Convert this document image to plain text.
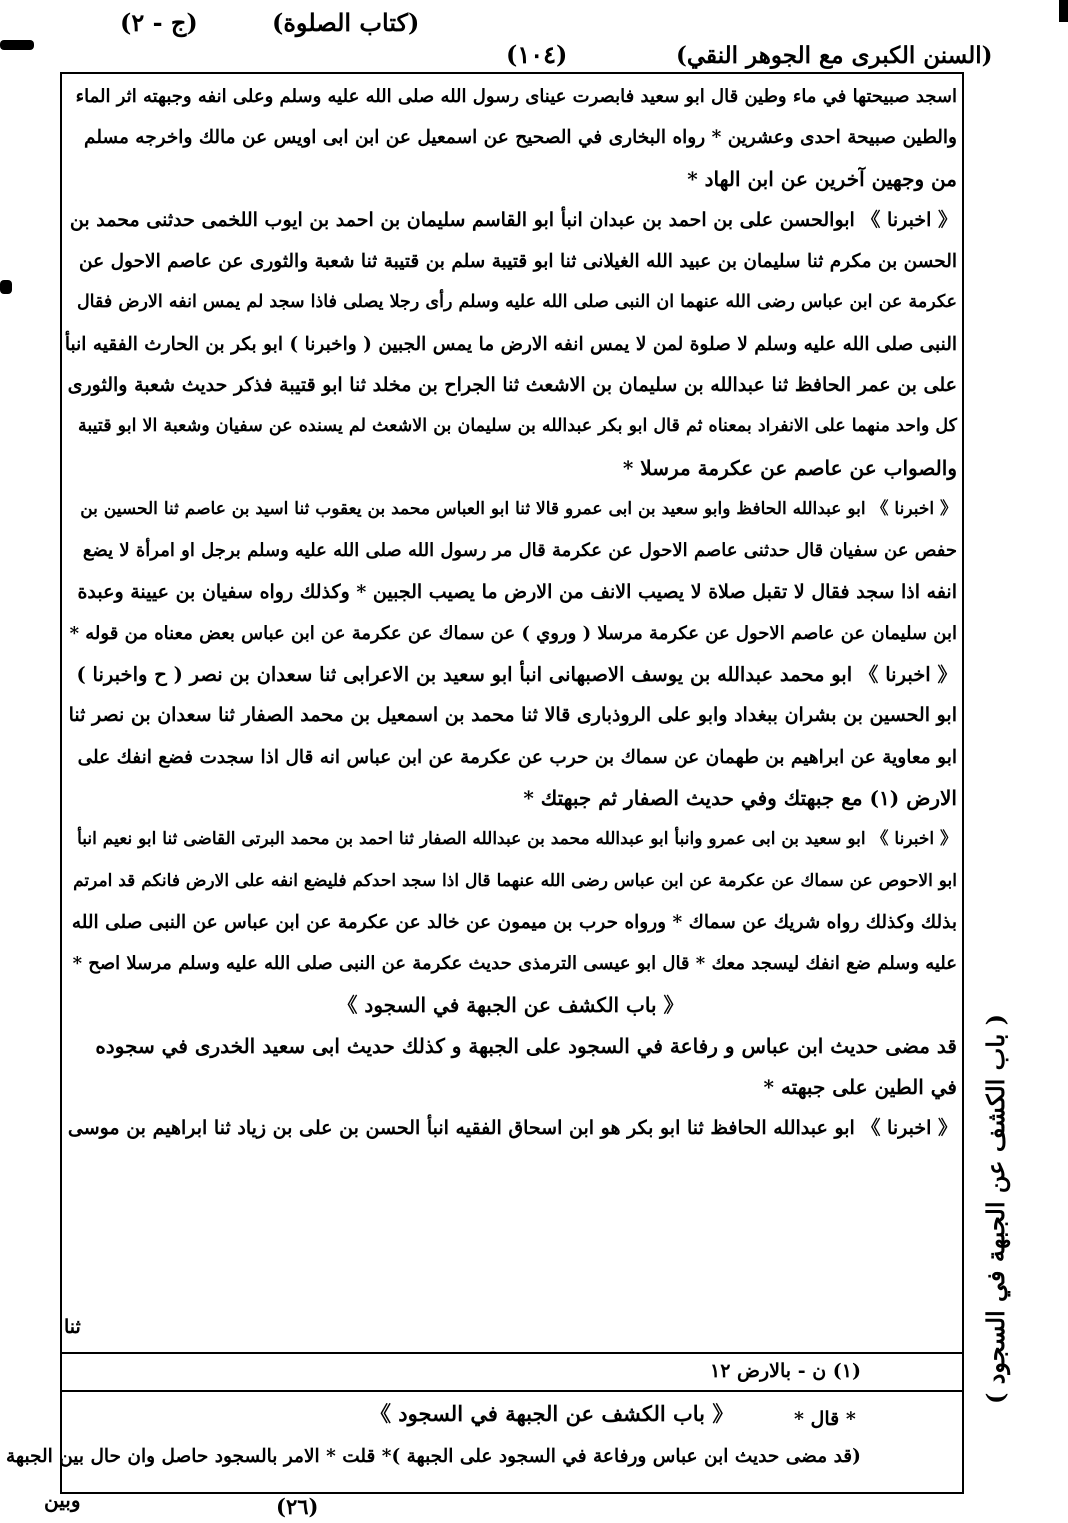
(السنن الكبرى مع الجوهر النقي)
(١٠٤)
(كتاب الصلوة)
(ج - ٢)

اسجد صبيحتها في ماء وطين قال ابو سعيد فابصرت عيناى رسول الله صلى الله عليه وسلم وعلى انفه وجبهته اثر الماء

والطين صبيحة احدى وعشرين * رواه البخارى في الصحيح عن اسمعيل عن ابن ابى اويس عن مالك واخرجه مسلم

من وجهين آخرين عن ابن الهاد *

《 اخبرنا 》 ابوالحسن على بن احمد بن عبدان انبأ ابو القاسم سليمان بن احمد بن ايوب اللخمى حدثنى محمد بن

الحسن بن مكرم ثنا سليمان بن عبيد الله الغيلانى ثنا ابو قتيبة سلم بن قتيبة ثنا شعبة والثورى عن عاصم الاحول عن

عكرمة عن ابن عباس رضى الله عنهما ان النبى صلى الله عليه وسلم رأى رجلا يصلى فاذا سجد لم يمس انفه الارض فقال

النبى صلى الله عليه وسلم لا صلوة لمن لا يمس انفه الارض ما يمس الجبين ( واخبرنا ) ابو بكر بن الحارث الفقيه انبأ

على بن عمر الحافظ ثنا عبدالله بن سليمان بن الاشعث ثنا الجراح بن مخلد ثنا ابو قتيبة فذكر حديث شعبة والثورى

كل واحد منهما على الانفراد بمعناه ثم قال ابو بكر عبدالله بن سليمان بن الاشعث لم يسنده عن سفيان وشعبة الا ابو قتيبة

والصواب عن عاصم عن عكرمة مرسلا *

《 اخبرنا 》 ابو عبدالله الحافظ وابو سعيد بن ابى عمرو قالا ثنا ابو العباس محمد بن يعقوب ثنا اسيد بن عاصم ثنا الحسين بن

حفص عن سفيان قال حدثنى عاصم الاحول عن عكرمة قال مر رسول الله صلى الله عليه وسلم برجل او امرأة لا يضع

انفه اذا سجد فقال لا تقبل صلاة لا يصيب الانف من الارض ما يصيب الجبين * وكذلك رواه سفيان بن عيينة وعبدة

ابن سليمان عن عاصم الاحول عن عكرمة مرسلا ( وروي ) عن سماك عن عكرمة عن ابن عباس بعض معناه من قوله *

《 اخبرنا 》 ابو محمد عبدالله بن يوسف الاصبهانى انبأ ابو سعيد بن الاعرابى ثنا سعدان بن نصر ( ح واخبرنا )

ابو الحسين بن بشران ببغداد وابو على الروذبارى قالا ثنا محمد بن اسمعيل بن محمد الصفار ثنا سعدان بن نصر ثنا

ابو معاوية عن ابراهيم بن طهمان عن سماك بن حرب عن عكرمة عن ابن عباس انه قال اذا سجدت فضع انفك على

الارض (١) مع جبهتك وفي حديث الصفار ثم جبهتك *

《 اخبرنا 》 ابو سعيد بن ابى عمرو وانبأ ابو عبدالله محمد بن عبدالله الصفار ثنا احمد بن محمد البرتى القاضى ثنا ابو نعيم انبأ

ابو الاحوص عن سماك عن عكرمة عن ابن عباس رضى الله عنهما قال اذا سجد احدكم فليضع انفه على الارض فانكم قد امرتم

بذلك وكذلك رواه شريك عن سماك * ورواه حرب بن ميمون عن خالد عن عكرمة عن ابن عباس عن النبى صلى الله

عليه وسلم ضع انفك ليسجد معك * قال ابو عيسى الترمذى حديث عكرمة عن النبى صلى الله عليه وسلم مرسلا اصح *

《 باب الكشف عن الجبهة في السجود 》

قد مضى حديث ابن عباس و رفاعة في السجود على الجبهة و كذلك حديث ابى سعيد الخدرى في سجوده

في الطين على جبهته *

《 اخبرنا 》 ابو عبدالله الحافظ ثنا ابو بكر هو ابن اسحاق الفقيه انبأ الحسن بن على بن زياد ثنا ابراهيم بن موسى

ثنا
(١) ن - بالارض ١٢
《 باب الكشف عن الجبهة في السجود 》	* قال *
(قد مضى حديث ابن عباس ورفاعة في السجود على الجبهة )* قلت * الامر بالسجود حاصل وان حال بين الجبهة
وبين	(٢٦)
( باب الكشف عن الجبهة في السجود )
